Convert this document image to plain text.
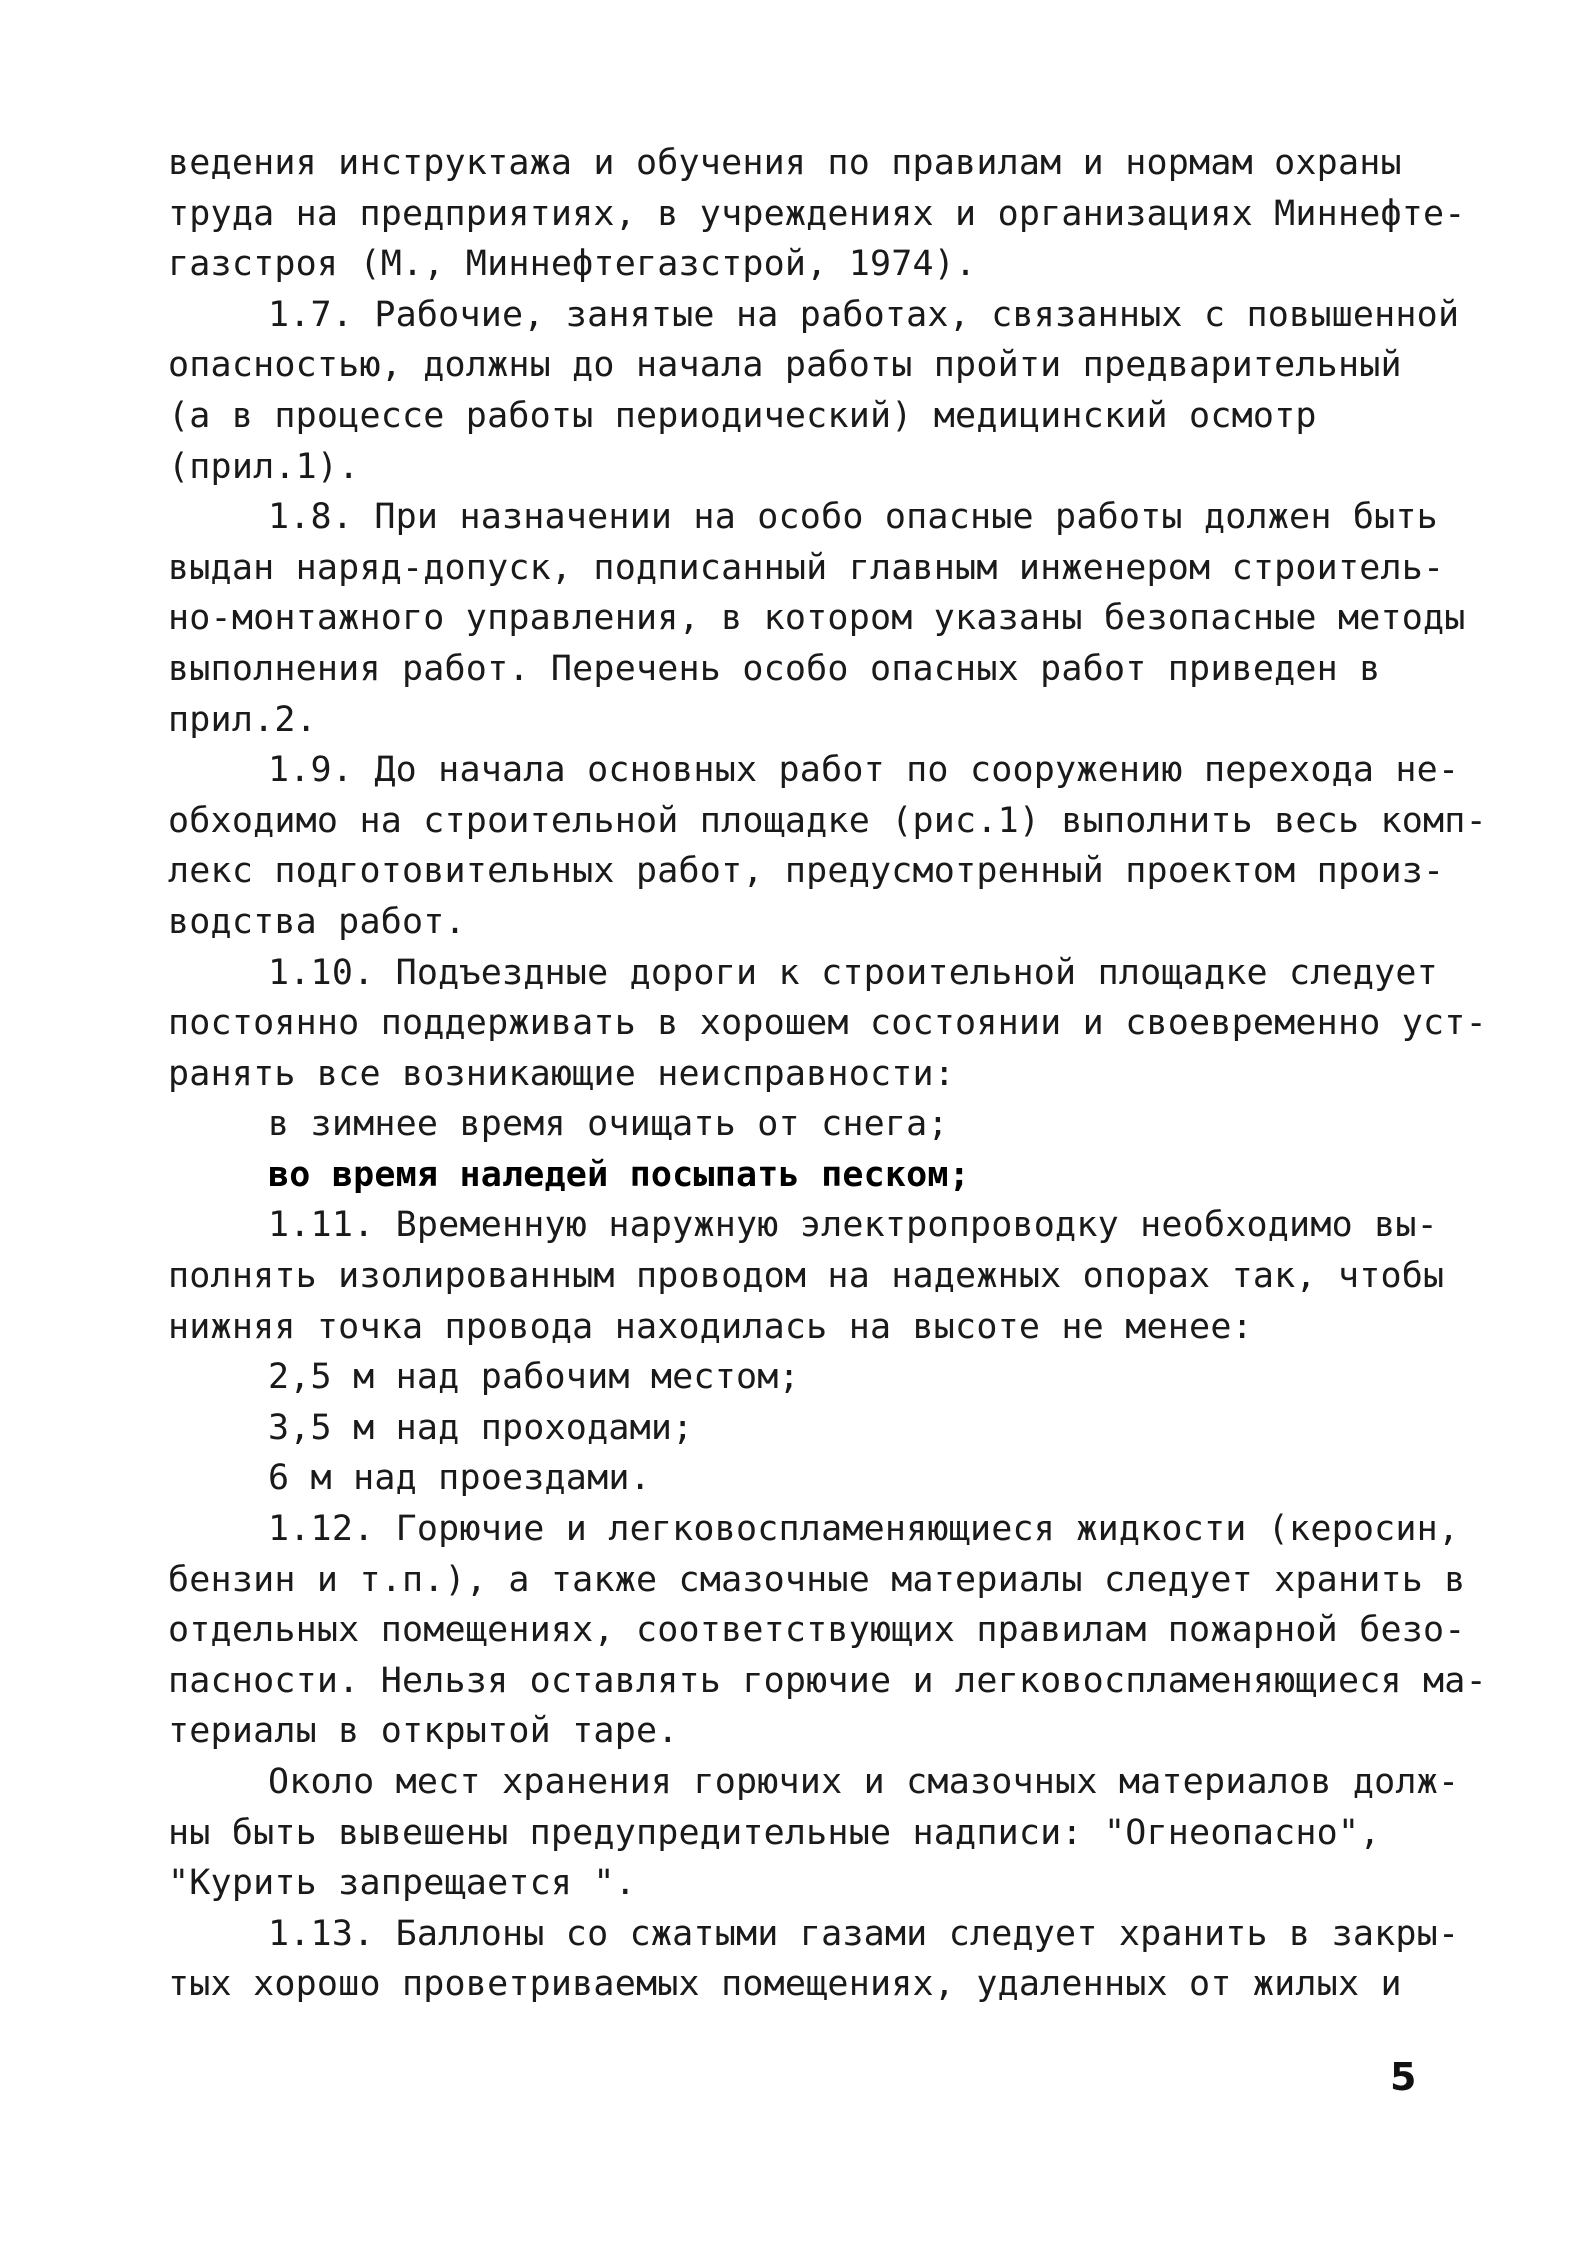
ведения инструктажа и обучения по правилам и нормам охраны
труда на предприятиях, в учреждениях и организациях Миннефте-
газстроя (М., Миннефтегазстрой, 1974).
1.7. Рабочие, занятые на работах, связанных с повышенной
опасностью, должны до начала работы пройти предварительный
(а в процессе работы периодический) медицинский осмотр
(прил.1).
1.8. При назначении на особо опасные работы должен быть
выдан наряд-допуск, подписанный главным инженером строитель-
но-монтажного управления, в котором указаны безопасные методы
выполнения работ. Перечень особо опасных работ приведен в
прил.2.
1.9. До начала основных работ по сооружению перехода не-
обходимо на строительной площадке (рис.1) выполнить весь комп-
лекс подготовительных работ, предусмотренный проектом произ-
водства работ.
1.10. Подъездные дороги к строительной площадке следует
постоянно поддерживать в хорошем состоянии и своевременно уст-
ранять все возникающие неисправности:
в зимнее время очищать от снега;
во время наледей посыпать песком;
1.11. Временную наружную электропроводку необходимо вы-
полнять изолированным проводом на надежных опорах так, чтобы
нижняя точка провода находилась на высоте не менее:
2,5 м над рабочим местом;
3,5 м над проходами;
6 м над проездами.
1.12. Горючие и легковоспламеняющиеся жидкости (керосин,
бензин и т.п.), а также смазочные материалы следует хранить в
отдельных помещениях, соответствующих правилам пожарной безо-
пасности. Нельзя оставлять горючие и легковоспламеняющиеся ма-
териалы в открытой таре.
Около мест хранения горючих и смазочных материалов долж-
ны быть вывешены предупредительные надписи: "Огнеопасно",
"Курить запрещается ".
1.13. Баллоны со сжатыми газами следует хранить в закры-
тых хорошо проветриваемых помещениях, удаленных от жилых и
5
